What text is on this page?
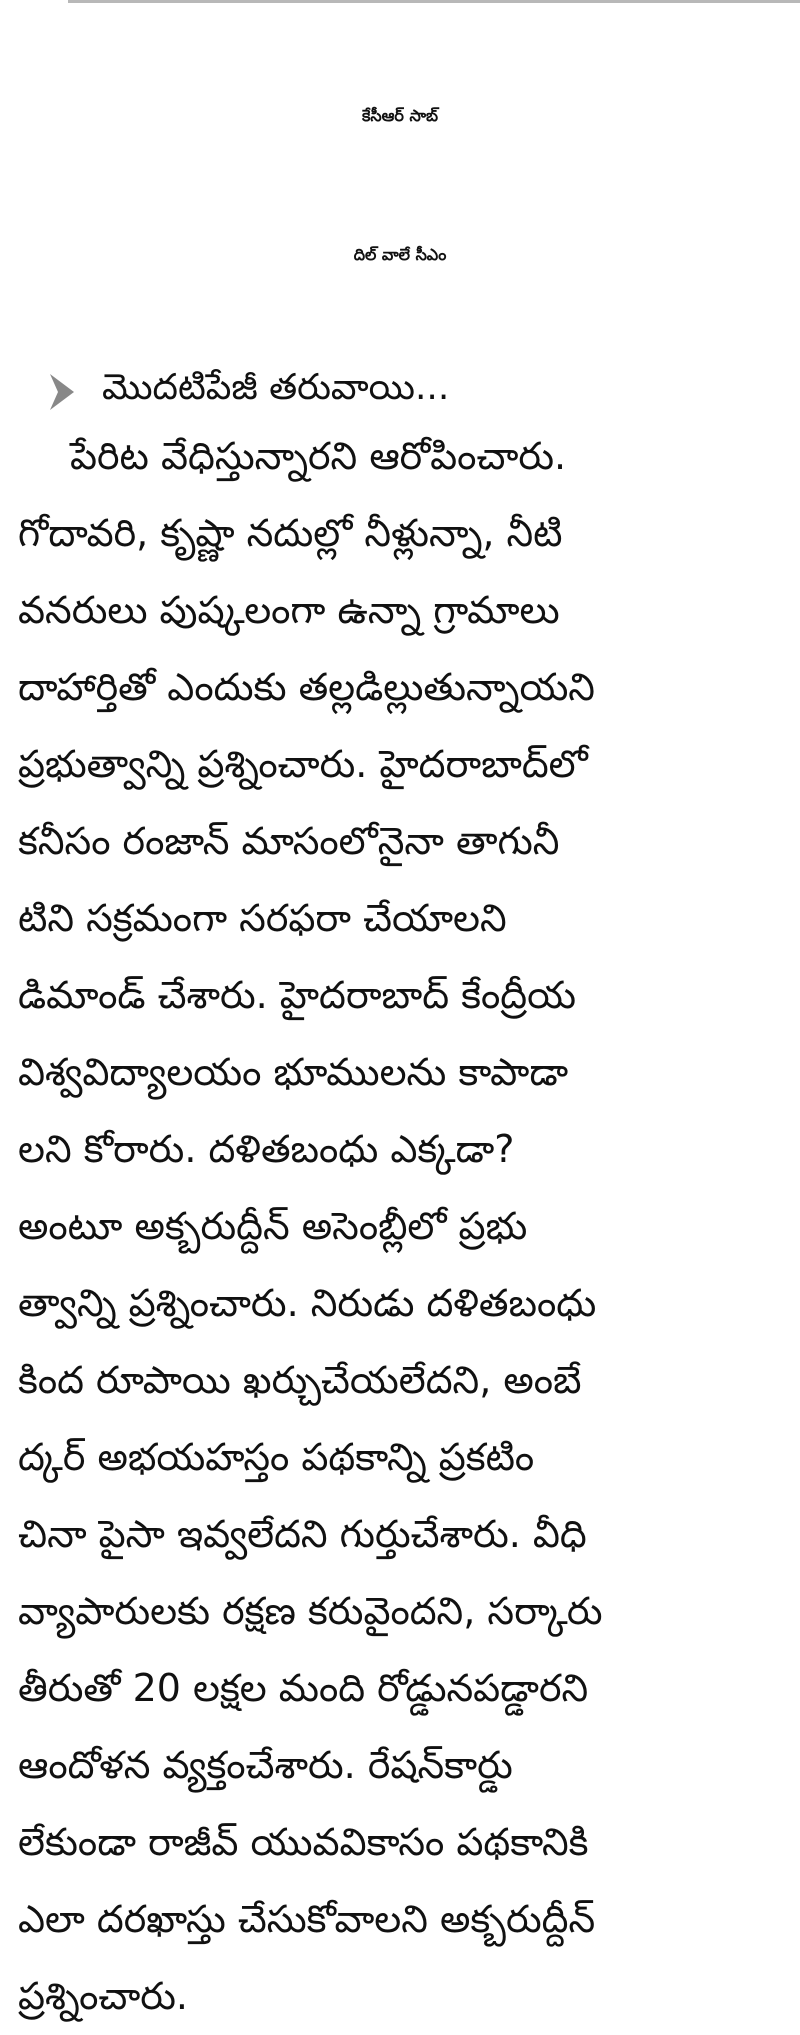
కేసీఆర్ సాబ్
దిల్ వాలే సీఎం
మొదటిపేజీ తరువాయి...
పేరిట వేధిస్తున్నారని ఆరోపించారు.
గోదావరి, కృష్ణా నదుల్లో నీళ్లున్నా, నీటి
వనరులు పుష్కలంగా ఉన్నా గ్రామాలు
దాహార్తితో ఎందుకు తల్లడిల్లుతున్నాయని
ప్రభుత్వాన్ని ప్రశ్నించారు. హైదరాబాద్‌లో
కనీసం రంజాన్ మాసంలోనైనా తాగునీ
టిని సక్రమంగా సరఫరా చేయాలని
డిమాండ్ చేశారు. హైదరాబాద్ కేంద్రీయ
విశ్వవిద్యాలయం భూములను కాపాడా
లని కోరారు. దళితబంధు ఎక్కడా?
అంటూ అక్బరుద్దీన్ అసెంబ్లీలో ప్రభు
త్వాన్ని ప్రశ్నించారు. నిరుడు దళితబంధు
కింద రూపాయి ఖర్చుచేయలేదని, అంబే
ద్కర్ అభయహస్తం పథకాన్ని ప్రకటిం
చినా పైసా ఇవ్వలేదని గుర్తుచేశారు. వీధి
వ్యాపారులకు రక్షణ కరువైందని, సర్కారు
తీరుతో 20 లక్షల మంది రోడ్డునపడ్డారని
ఆందోళన వ్యక్తంచేశారు. రేషన్‌కార్డు
లేకుండా రాజీవ్ యువవికాసం పథకానికి
ఎలా దరఖాస్తు చేసుకోవాలని అక్బరుద్దీన్
ప్రశ్నించారు.
